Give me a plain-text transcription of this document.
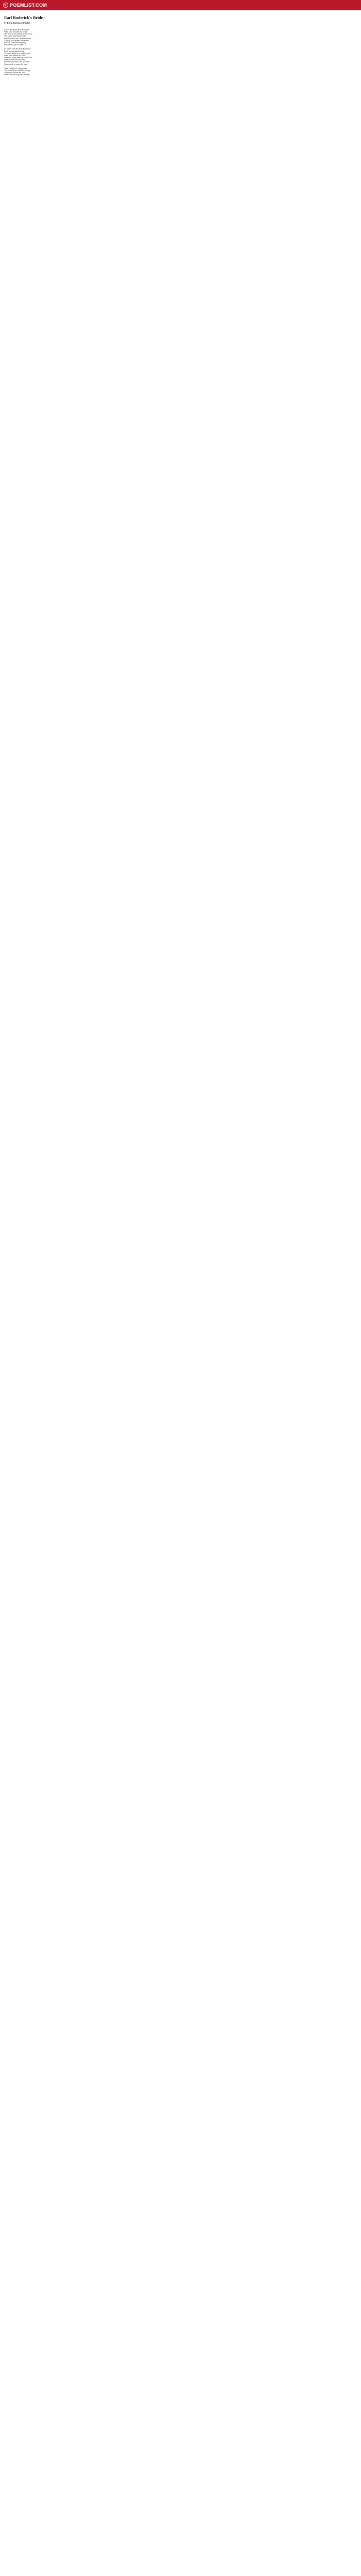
POEMLIST.COM
Earl Roderick's Bride -
by Dora Sigerson Shorter
It was the Black Earl Roderick
Who rode towards the south,
The frown was heavy on his brow,
The sneer upon his mouth;
Behind him rode a hundred men
All gay with plume and spear;
But not a one did he bring
His weary way to cheer.
So on he rode the Earl Roderick
Until he reached the sea;
To none spoke he a single word
Who rode beside his knee.
When he came near the castle old,
Where the bride did wait,
He blew his horn, and the men
Came forth to open the gate.
Then flung he to the groom
The reins of his steed so strong;
And went within the hall
Where waited a goodly throng.
